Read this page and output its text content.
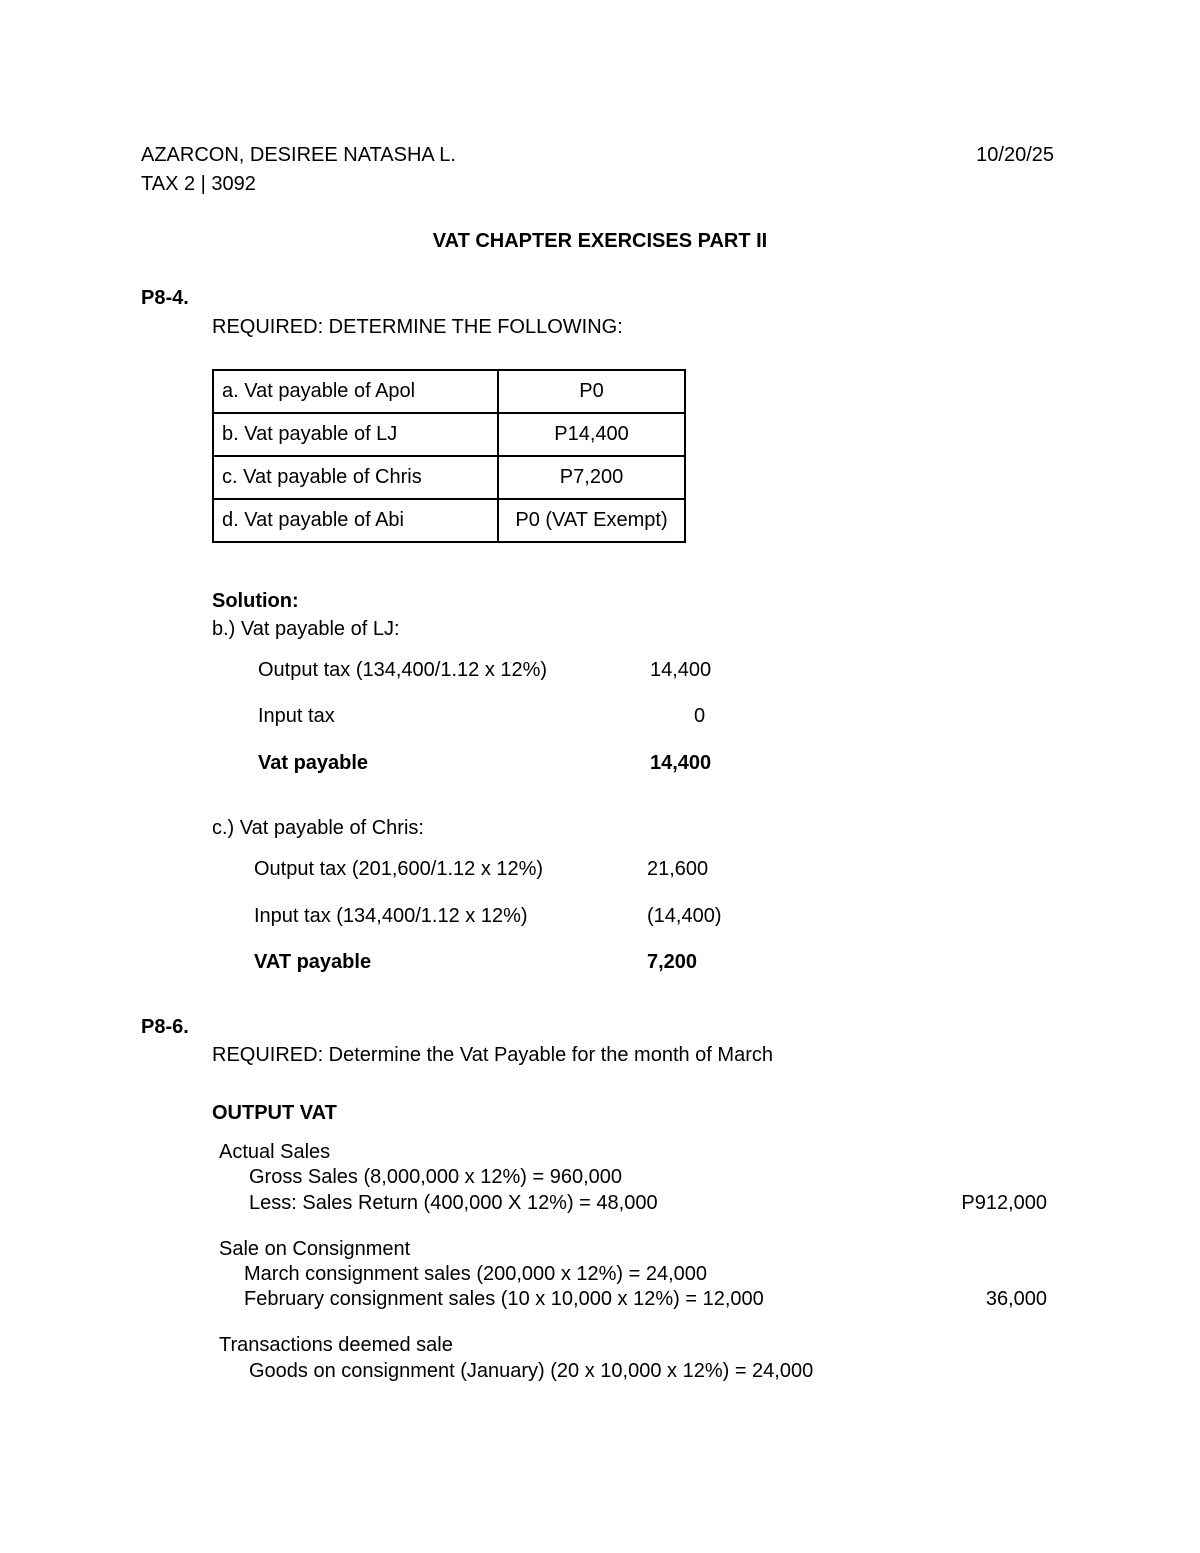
AZARCON, DESIREE NATASHA L.	10/20/25
TAX 2 | 3092
VAT CHAPTER EXERCISES PART II
P8-4.
REQUIRED: DETERMINE THE FOLLOWING:
a. Vat payable of Apol	P0
b. Vat payable of LJ	P14,400
c. Vat payable of Chris	P7,200
d. Vat payable of Abi	P0 (VAT Exempt)
Solution:
b.) Vat payable of LJ:
Output tax (134,400/1.12 x 12%)	14,400
Input tax	0
Vat payable	14,400
c.) Vat payable of Chris:
Output tax (201,600/1.12 x 12%)	21,600
Input tax (134,400/1.12 x 12%)	(14,400)
VAT payable	7,200
P8-6.
REQUIRED: Determine the Vat Payable for the month of March
OUTPUT VAT
Actual Sales
Gross Sales (8,000,000 x 12%) = 960,000
Less: Sales Return (400,000 X 12%) = 48,000	P912,000
Sale on Consignment
March consignment sales (200,000 x 12%) = 24,000
February consignment sales (10 x 10,000 x 12%) = 12,000	36,000
Transactions deemed sale
Goods on consignment (January) (20 x 10,000 x 12%) = 24,000
